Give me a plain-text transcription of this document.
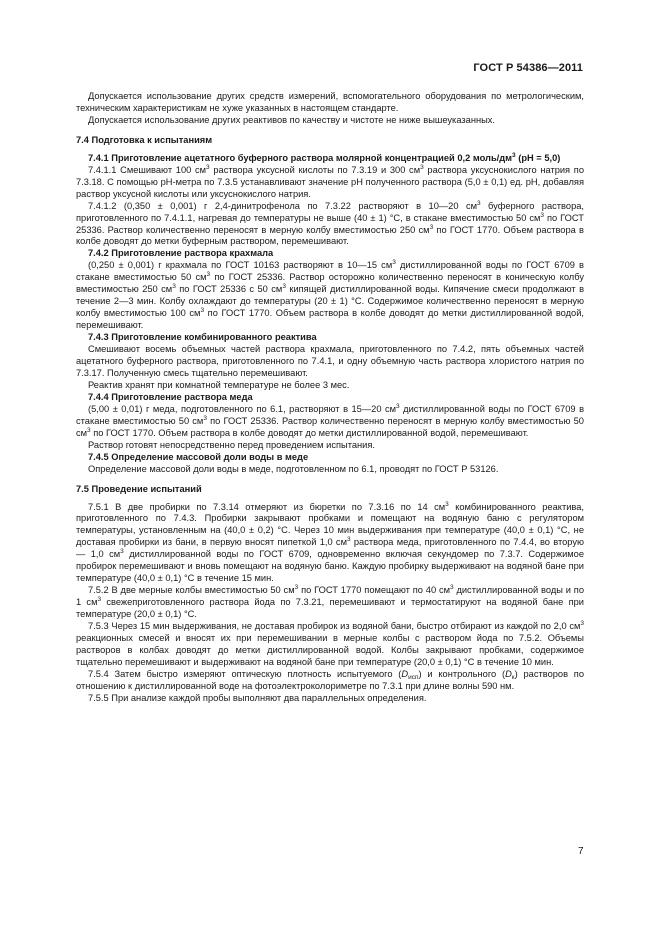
ГОСТ Р 54386—2011

Допускается использование других средств измерений, вспомогательного оборудования по метрологическим, техническим характеристикам не хуже указанных в настоящем стандарте.

Допускается использование других реактивов по качеству и чистоте не ниже вышеуказанных.

7.4 Подготовка к испытаниям

7.4.1 Приготовление ацетатного буферного раствора молярной концентрацией 0,2 моль/$дм^3$ (pH = 5,0)

7.4.1.1 Смешивают 100 $см^3$ раствора уксусной кислоты по 7.3.19 и 300 $см^3$ раствора уксуснокислого натрия по 7.3.18. С помощью рН-метра по 7.3.5 устанавливают значение рН полученного раствора (5,0 ± 0,1) ед. рН, добавляя раствор уксусной кислоты или уксуснокислого натрия.

7.4.1.2 (0,350 ± 0,001) г 2,4-динитрофенола по 7.3.22 растворяют в 10—20 $см^3$ буферного раствора, приготовленного по 7.4.1.1, нагревая до температуры не выше (40 ± 1) °С, в стакане вместимостью 50 $см^3$ по ГОСТ 25336. Раствор количественно переносят в мерную колбу вместимостью 250 $см^3$ по ГОСТ 1770. Объем раствора в колбе доводят до метки буферным раствором, перемешивают.

7.4.2 Приготовление раствора крахмала

(0,250 ± 0,001) г крахмала по ГОСТ 10163 растворяют в 10—15 $см^3$ дистиллированной воды по ГОСТ 6709 в стакане вместимостью 50 $см^3$ по ГОСТ 25336. Раствор осторожно количественно переносят в коническую колбу вместимостью 250 $см^3$ по ГОСТ 25336 с 50 $см^3$ кипящей дистиллированной воды. Кипячение смеси продолжают в течение 2—3 мин. Колбу охлаждают до температуры (20 ± 1) °С. Содержимое количественно переносят в мерную колбу вместимостью 100 $см^3$ по ГОСТ 1770. Объем раствора в колбе доводят до метки дистиллированной водой, перемешивают.

7.4.3 Приготовление комбинированного реактива

Смешивают восемь объемных частей раствора крахмала, приготовленного по 7.4.2, пять объемных частей ацетатного буферного раствора, приготовленного по 7.4.1, и одну объемную часть раствора хлористого натрия по 7.3.17. Полученную смесь тщательно перемешивают.

Реактив хранят при комнатной температуре не более 3 мес.

7.4.4 Приготовление раствора меда

(5,00 ± 0,01) г меда, подготовленного по 6.1, растворяют в 15—20 $см^3$ дистиллированной воды по ГОСТ 6709 в стакане вместимостью 50 $см^3$ по ГОСТ 25336. Раствор количественно переносят в мерную колбу вместимостью 50 $см^3$ по ГОСТ 1770. Объем раствора в колбе доводят до метки дистиллированной водой, перемешивают.

Раствор готовят непосредственно перед проведением испытания.

7.4.5 Определение массовой доли воды в меде

Определение массовой доли воды в меде, подготовленном по 6.1, проводят по ГОСТ Р 53126.

7.5 Проведение испытаний

7.5.1 В две пробирки по 7.3.14 отмеряют из бюретки по 7.3.16 по 14 $см^3$ комбинированного реактива, приготовленного по 7.4.3. Пробирки закрывают пробками и помещают на водяную баню с регулятором температуры, установленным на (40,0 ± 0,2) °С. Через 10 мин выдерживания при температуре (40,0 ± 0,1) °С, не доставая пробирки из бани, в первую вносят пипеткой 1,0 $см^3$ раствора меда, приготовленного по 7.4.4, во вторую — 1,0 $см^3$ дистиллированной воды по ГОСТ 6709, одновременно включая секундомер по 7.3.7. Содержимое пробирок перемешивают и вновь помещают на водяную баню. Каждую пробирку выдерживают на водяной бане при температуре (40,0 ± 0,1) °С в течение 15 мин.

7.5.2 В две мерные колбы вместимостью 50 $см^3$ по ГОСТ 1770 помещают по 40 $см^3$ дистиллированной воды и по 1 $см^3$ свежеприготовленного раствора йода по 7.3.21, перемешивают и термостатируют на водяной бане при температуре (20,0 ± 0,1) °С.

7.5.3 Через 15 мин выдерживания, не доставая пробирок из водяной бани, быстро отбирают из каждой по 2,0 $см^3$ реакционных смесей и вносят их при перемешивании в мерные колбы с раствором йода по 7.5.2. Объемы растворов в колбах доводят до метки дистиллированной водой. Колбы закрывают пробками, содержимое тщательно перемешивают и выдерживают на водяной бане при температуре (20,0 ± 0,1) °С в течение 10 мин.

7.5.4 Затем быстро измеряют оптическую плотность испытуемого $(D_{исп})$ и контрольного $(D_к)$ растворов по отношению к дистиллированной воде на фотоэлектроколориметре по 7.3.1 при длине волны 590 нм.

7.5.5 При анализе каждой пробы выполняют два параллельных определения.

7
